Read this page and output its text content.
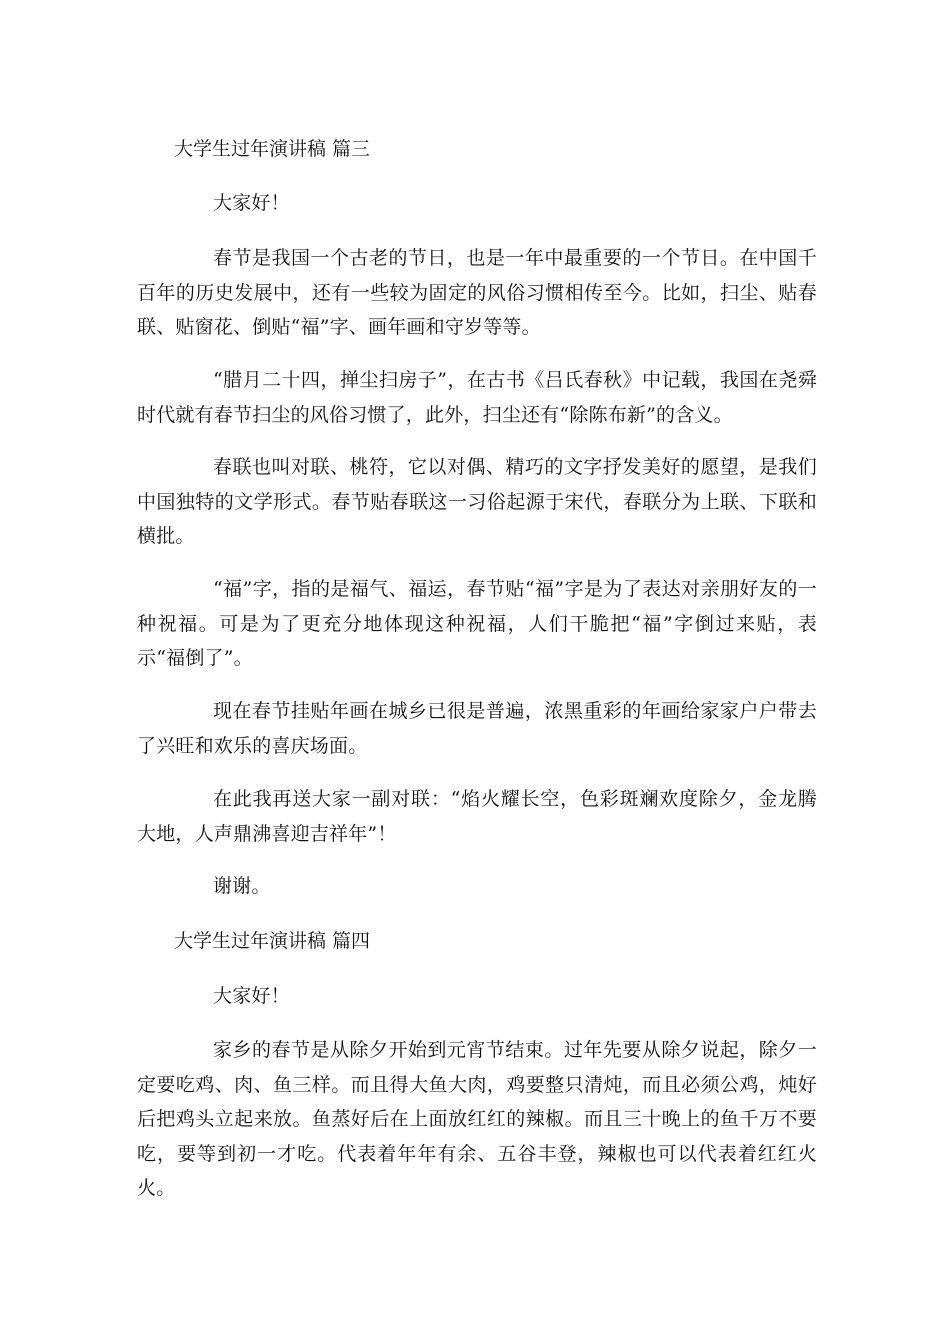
大学生过年演讲稿 篇三

大家好！

春节是我国一个古老的节日，也是一年中最重要的一个节日。在中国千百年的历史发展中，还有一些较为固定的风俗习惯相传至今。比如，扫尘、贴春联、贴窗花、倒贴“福”字、画年画和守岁等等。

“腊月二十四，掸尘扫房子”，在古书《吕氏春秋》中记载，我国在尧舜时代就有春节扫尘的风俗习惯了，此外，扫尘还有“除陈布新”的含义。

春联也叫对联、桃符，它以对偶、精巧的文字抒发美好的愿望，是我们中国独特的文学形式。春节贴春联这一习俗起源于宋代，春联分为上联、下联和横批。

“福”字，指的是福气、福运，春节贴“福”字是为了表达对亲朋好友的一种祝福。可是为了更充分地体现这种祝福，人们干脆把“福”字倒过来贴，表示“福倒了”。

现在春节挂贴年画在城乡已很是普遍，浓黑重彩的年画给家家户户带去了兴旺和欢乐的喜庆场面。

在此我再送大家一副对联：“焰火耀长空，色彩斑斓欢度除夕，金龙腾大地，人声鼎沸喜迎吉祥年”！

谢谢。

大学生过年演讲稿 篇四

大家好！

家乡的春节是从除夕开始到元宵节结束。过年先要从除夕说起，除夕一定要吃鸡、肉、鱼三样。而且得大鱼大肉，鸡要整只清炖，而且必须公鸡，炖好后把鸡头立起来放。鱼蒸好后在上面放红红的辣椒。而且三十晚上的鱼千万不要吃，要等到初一才吃。代表着年年有余、五谷丰登，辣椒也可以代表着红红火火。
